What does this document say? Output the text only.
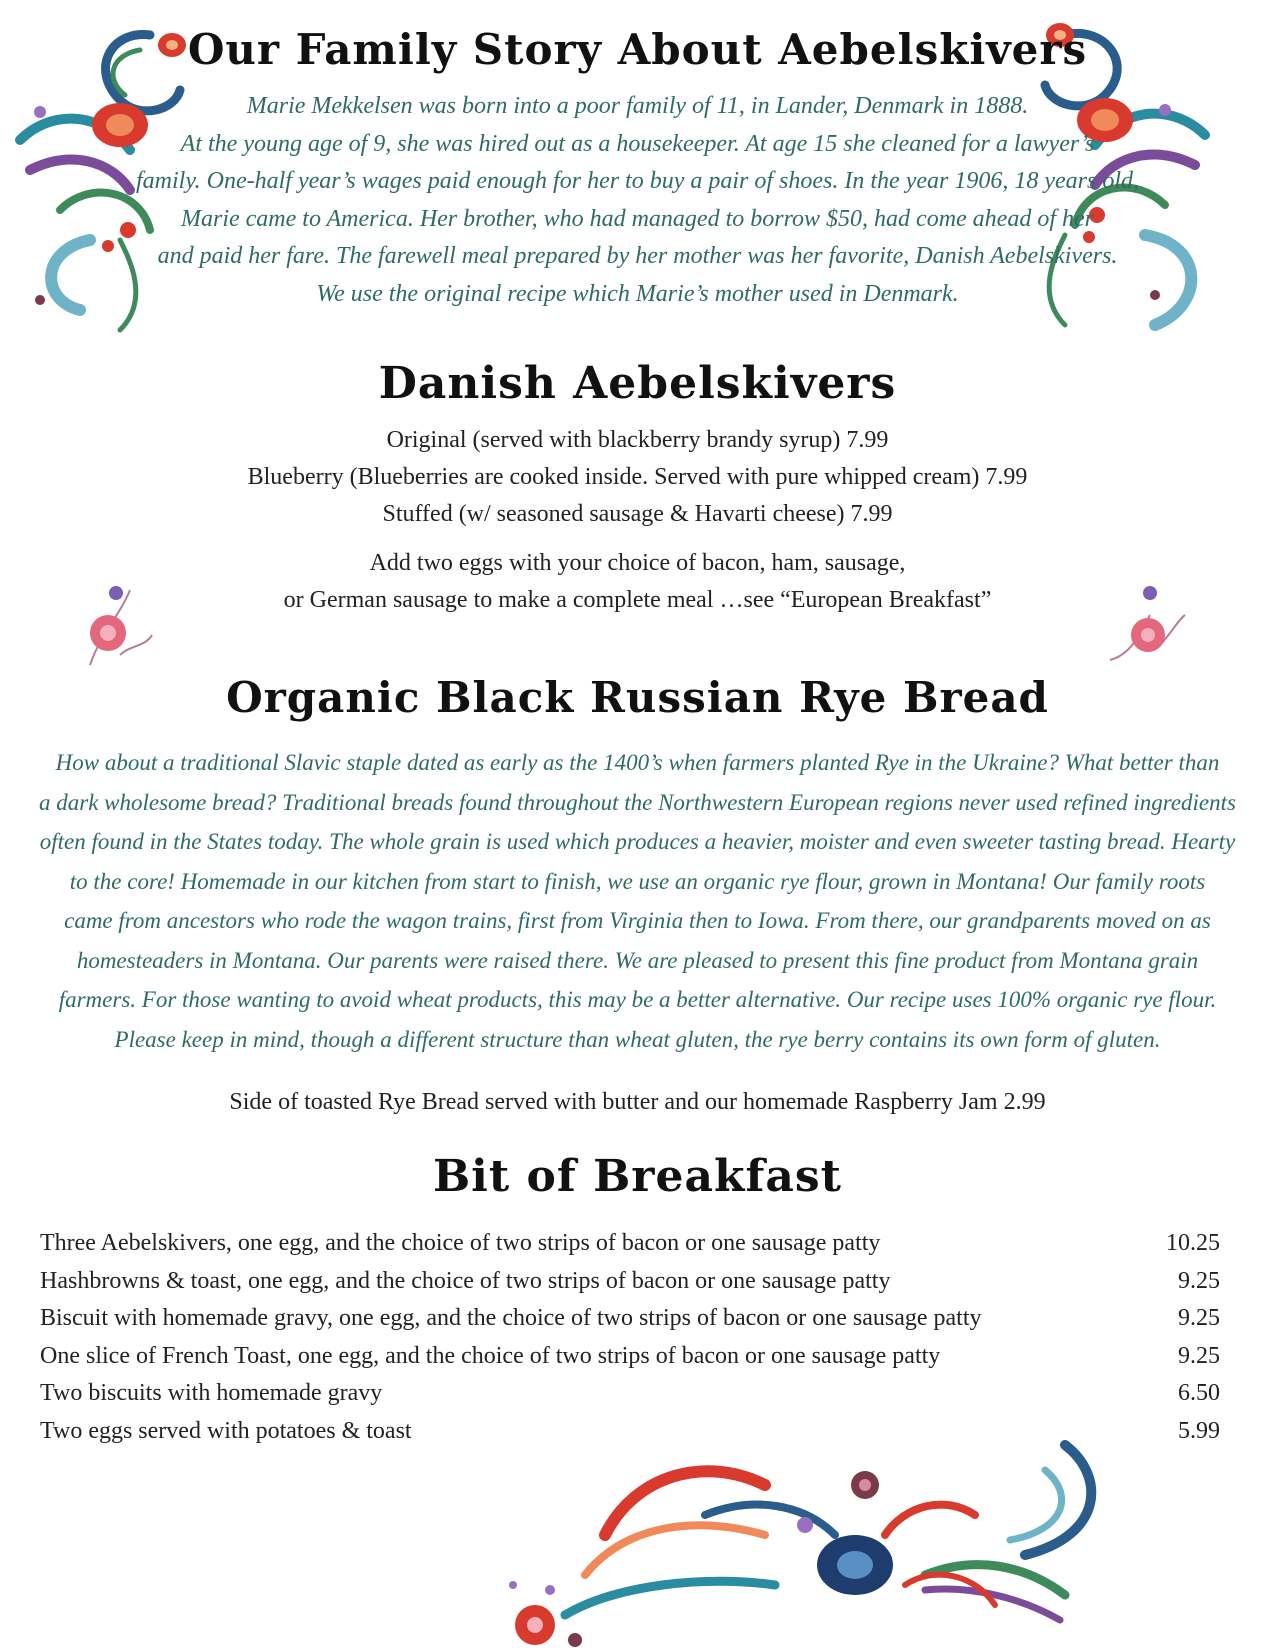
Our Family Story About Aebelskivers

Marie Mekkelsen was born into a poor family of 11, in Lander, Denmark in 1888.

At the young age of 9, she was hired out as a housekeeper. At age 15 she cleaned for a lawyer’s

family. One-half year’s wages paid enough for her to buy a pair of shoes. In the year 1906, 18 years old,

Marie came to America. Her brother, who had managed to borrow $50, had come ahead of her

and paid her fare. The farewell meal prepared by her mother was her favorite, Danish Aebelskivers.

We use the original recipe which Marie’s mother used in Denmark.

Danish Aebelskivers
Original (served with blackberry brandy syrup) 7.99
Blueberry (Blueberries are cooked inside. Served with pure whipped cream) 7.99
Stuffed (w/ seasoned sausage & Havarti cheese) 7.99
Add two eggs with your choice of bacon, ham, sausage,
or German sausage to make a complete meal …see “European Breakfast”
Organic Black Russian Rye Bread

How about a traditional Slavic staple dated as early as the 1400’s when farmers planted Rye in the Ukraine? What better than

a dark wholesome bread? Traditional breads found throughout the Northwestern European regions never used refined ingredients

often found in the States today. The whole grain is used which produces a heavier, moister and even sweeter tasting bread. Hearty

to the core! Homemade in our kitchen from start to finish, we use an organic rye flour, grown in Montana! Our family roots

came from ancestors who rode the wagon trains, first from Virginia then to Iowa. From there, our grandparents moved on as

homesteaders in Montana. Our parents were raised there. We are pleased to present this fine product from Montana grain

farmers. For those wanting to avoid wheat products, this may be a better alternative. Our recipe uses 100% organic rye flour.

Please keep in mind, though a different structure than wheat gluten, the rye berry contains its own form of gluten.

Side of toasted Rye Bread served with butter and our homemade Raspberry Jam 2.99
Bit of Breakfast
Three Aebelskivers, one egg, and the choice of two strips of bacon or one sausage patty	10.25
Hashbrowns & toast, one egg, and the choice of two strips of bacon or one sausage patty	9.25
Biscuit with homemade gravy, one egg, and the choice of two strips of bacon or one sausage patty	9.25
One slice of French Toast, one egg, and the choice of two strips of bacon or one sausage patty	9.25
Two biscuits with homemade gravy	6.50
Two eggs served with potatoes & toast	5.99
